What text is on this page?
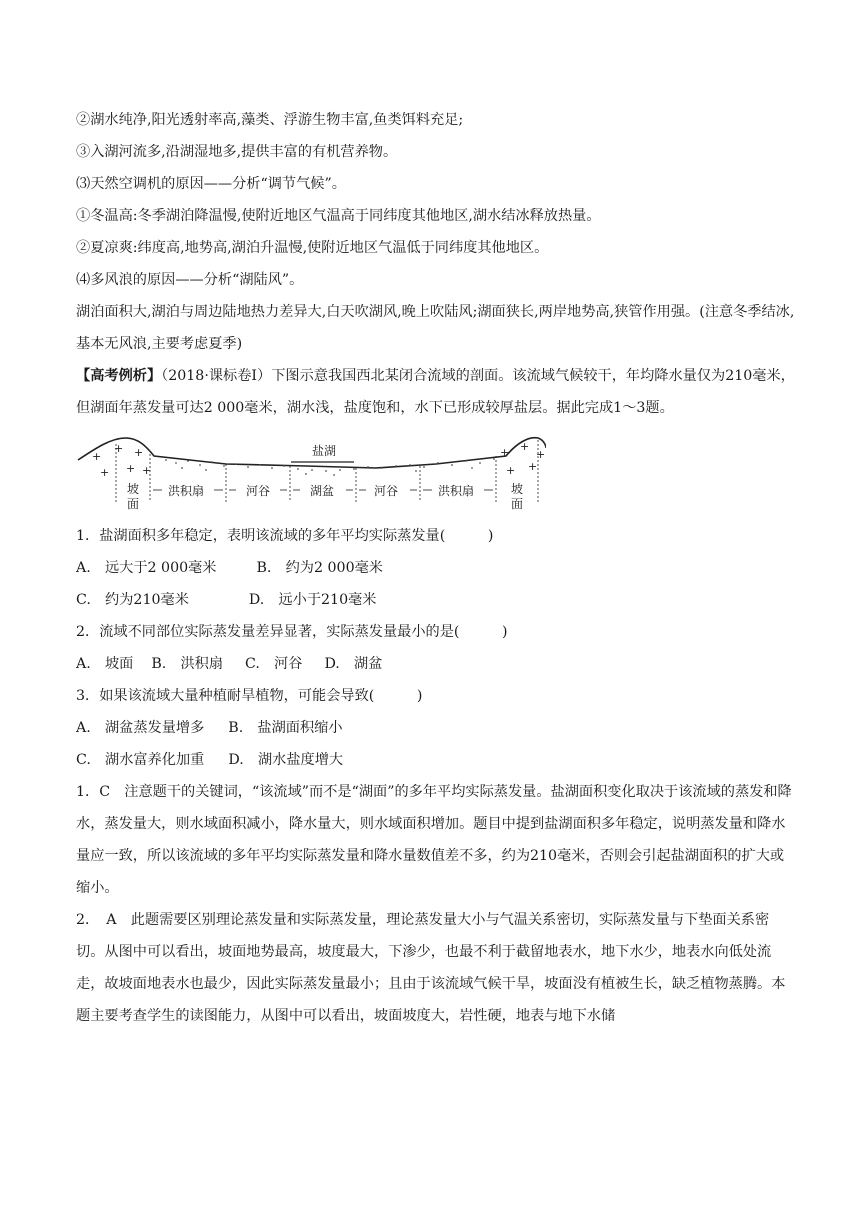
②湖水纯净,阳光透射率高,藻类、浮游生物丰富,鱼类饵料充足;

③入湖河流多,沿湖湿地多,提供丰富的有机营养物。

⑶天然空调机的原因——分析“调节气候”。

①冬温高:冬季湖泊降温慢,使附近地区气温高于同纬度其他地区,湖水结冰释放热量。

②夏凉爽:纬度高,地势高,湖泊升温慢,使附近地区气温低于同纬度其他地区。

⑷多风浪的原因——分析“湖陆风”。

湖泊面积大,湖泊与周边陆地热力差异大,白天吹湖风,晚上吹陆风;湖面狭长,两岸地势高,狭管作用强。(注意冬季结冰,基本无风浪,主要考虑夏季)

【高考例析】（2018·课标卷Ⅰ）下图示意我国西北某闭合流域的剖面。该流域气候较干，年均降水量仅为210毫米，但湖面年蒸发量可达2 000毫米，湖水浅，盐度饱和，水下已形成较厚盐层。据此完成1～3题。

+
+ +
+ + +
+ +
+
+ +
盐湖
坡面
洪积扇	河谷	湖盆	河谷	洪积扇	坡面

1．盐湖面积多年稳定，表明该流域的多年平均实际蒸发量(　　　)

A.　远大于2 000毫米	B.　约为2 000毫米

C.　约为210毫米	D.　远小于210毫米

2．流域不同部位实际蒸发量差异显著，实际蒸发量最小的是(　　　)

A.　坡面 B.　洪积扇 C.　河谷 D.　湖盆

3．如果该流域大量种植耐旱植物，可能会导致(　　　)

A.　湖盆蒸发量增多 B.　盐湖面积缩小

C.　湖水富养化加重 D.　湖水盐度增大

1．C　注意题干的关键词，“该流域”而不是“湖面”的多年平均实际蒸发量。盐湖面积变化取决于该流域的蒸发和降水，蒸发量大，则水域面积减小，降水量大，则水域面积增加。题目中提到盐湖面积多年稳定，说明蒸发量和降水量应一致，所以该流域的多年平均实际蒸发量和降水量数值差不多，约为210毫米，否则会引起盐湖面积的扩大或缩小。

2．　A　此题需要区别理论蒸发量和实际蒸发量，理论蒸发量大小与气温关系密切，实际蒸发量与下垫面关系密切。从图中可以看出，坡面地势最高，坡度最大，下渗少，也最不利于截留地表水，地下水少，地表水向低处流走，故坡面地表水也最少，因此实际蒸发量最小；且由于该流域气候干旱，坡面没有植被生长，缺乏植物蒸腾。本题主要考查学生的读图能力，从图中可以看出，坡面坡度大，岩性硬，地表与地下水储
